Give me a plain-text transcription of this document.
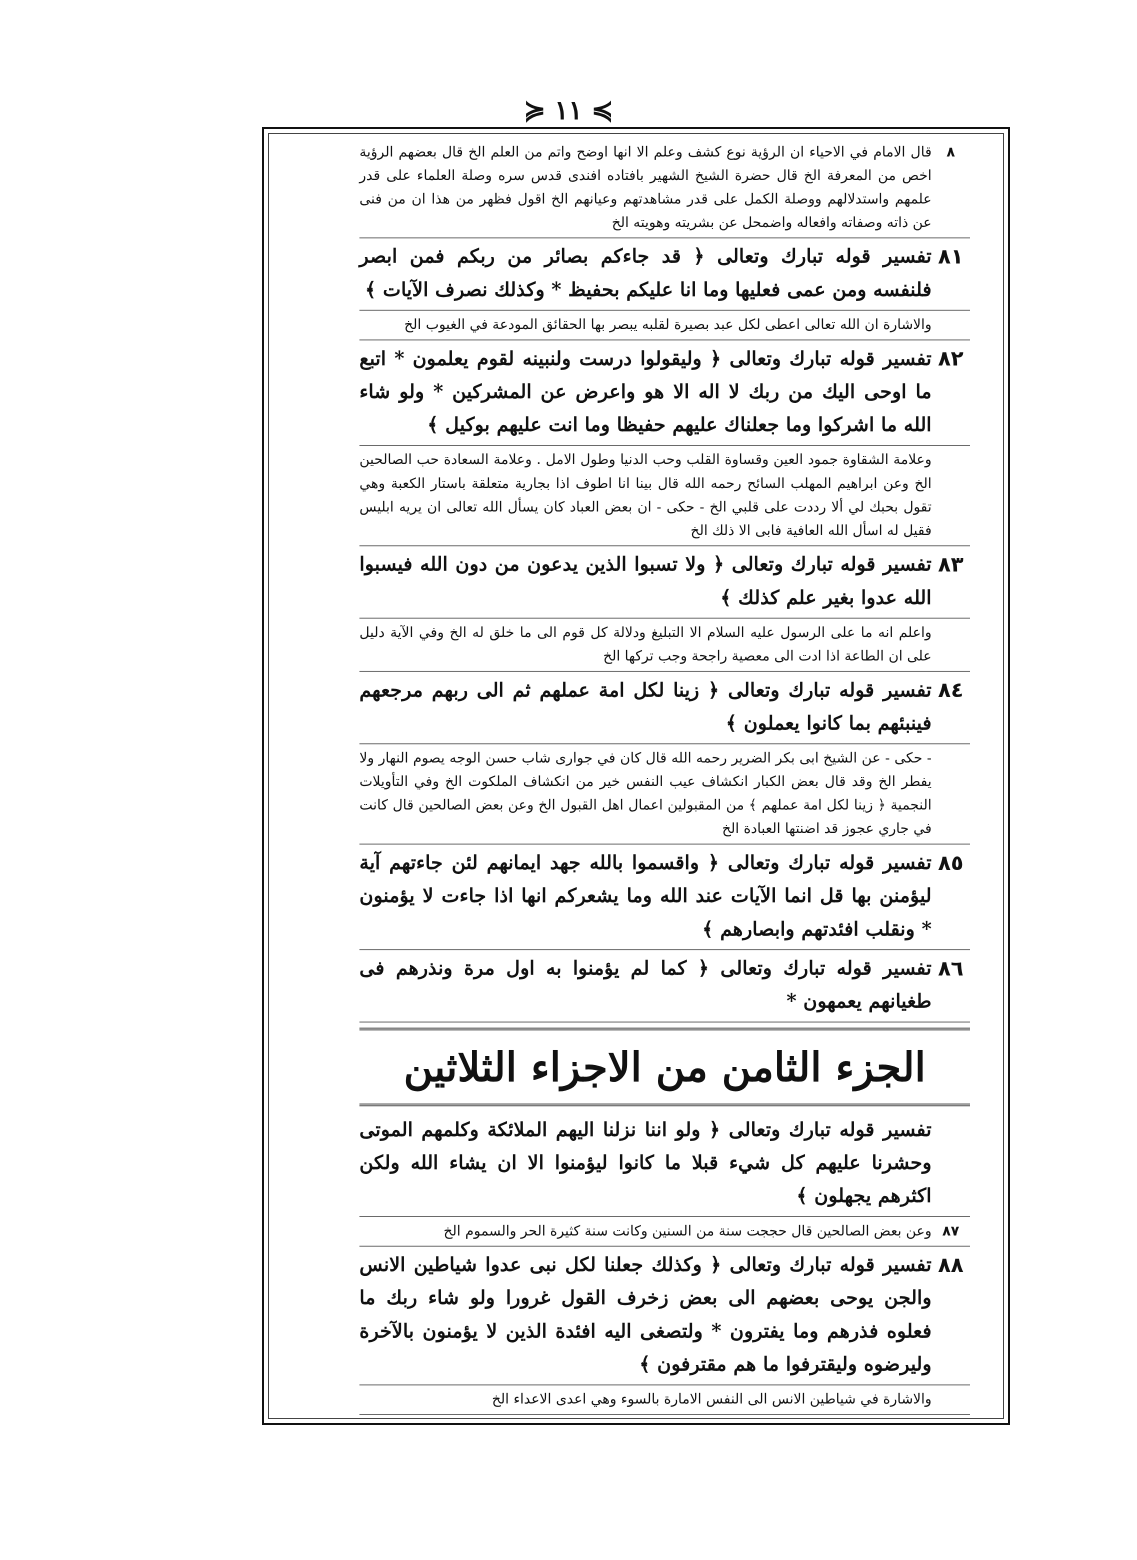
≽ ۱۱ ≼
۸
قال الامام في الاحياء ان الرؤية نوع كشف وعلم الا انها اوضح واتم من العلم الخ قال بعضهم الرؤية اخص من المعرفة الخ قال حضرة الشيخ الشهير بافتاده افندى قدس سره وصلة العلماء على قدر علمهم واستدلالهم ووصلة الكمل على قدر مشاهدتهم وعيانهم الخ اقول فظهر من هذا ان من فنى عن ذاته وصفاته وافعاله واضمحل عن بشريته وهويته الخ
۸۱
تفسير قوله تبارك وتعالى ﴿ قد جاءكم بصائر من ربكم فمن ابصر فلنفسه ومن عمى فعليها وما انا عليكم بحفيظ * وكذلك نصرف الآيات ﴾
والاشارة ان الله تعالى اعطى لكل عبد بصيرة لقلبه يبصر بها الحقائق المودعة في الغيوب الخ
۸۲
تفسير قوله تبارك وتعالى ﴿ وليقولوا درست ولنبينه لقوم يعلمون * اتبع ما اوحى اليك من ربك لا اله الا هو واعرض عن المشركين * ولو شاء الله ما اشركوا وما جعلناك عليهم حفيظا وما انت عليهم بوكيل ﴾
وعلامة الشقاوة جمود العين وقساوة القلب وحب الدنيا وطول الامل . وعلامة السعادة حب الصالحين الخ وعن ابراهيم المهلب السائح رحمه الله قال بينا انا اطوف اذا بجارية متعلقة باستار الكعبة وهي تقول بحبك لي ألا رددت على قلبي الخ - حكى - ان بعض العباد كان يسأل الله تعالى ان يريه ابليس فقيل له اسأل الله العافية فابى الا ذلك الخ
۸۳
تفسير قوله تبارك وتعالى ﴿ ولا تسبوا الذين يدعون من دون الله فيسبوا الله عدوا بغير علم كذلك ﴾
واعلم انه ما على الرسول عليه السلام الا التبليغ ودلالة كل قوم الى ما خلق له الخ وفي الآية دليل على ان الطاعة اذا ادت الى معصية راجحة وجب تركها الخ
۸٤
تفسير قوله تبارك وتعالى ﴿ زينا لكل امة عملهم ثم الى ربهم مرجعهم فينبئهم بما كانوا يعملون ﴾
- حكى - عن الشيخ ابى بكر الضرير رحمه الله قال كان في جوارى شاب حسن الوجه يصوم النهار ولا يفطر الخ وقد قال بعض الكبار انكشاف عيب النفس خير من انكشاف الملكوت الخ وفي التأويلات النجمية ﴿ زينا لكل امة عملهم ﴾ من المقبولين اعمال اهل القبول الخ وعن بعض الصالحين قال كانت في جاري عجوز قد اضنتها العبادة الخ
۸٥
تفسير قوله تبارك وتعالى ﴿ واقسموا بالله جهد ايمانهم لئن جاءتهم آية ليؤمنن بها قل انما الآيات عند الله وما يشعركم انها اذا جاءت لا يؤمنون * ونقلب افئدتهم وابصارهم ﴾
۸٦
تفسير قوله تبارك وتعالى ﴿ كما لم يؤمنوا به اول مرة ونذرهم فى طغيانهم يعمهون *
الجزء الثامن من الاجزاء الثلاثين
تفسير قوله تبارك وتعالى ﴿ ولو اننا نزلنا اليهم الملائكة وكلمهم الموتى وحشرنا عليهم كل شيء قبلا ما كانوا ليؤمنوا الا ان يشاء الله ولكن اكثرهم يجهلون ﴾
۸۷
وعن بعض الصالحين قال حججت سنة من السنين وكانت سنة كثيرة الحر والسموم الخ
۸۸
تفسير قوله تبارك وتعالى ﴿ وكذلك جعلنا لكل نبى عدوا شياطين الانس والجن يوحى بعضهم الى بعض زخرف القول غرورا ولو شاء ربك ما فعلوه فذرهم وما يفترون * ولتصغى اليه افئدة الذين لا يؤمنون بالآخرة وليرضوه وليقترفوا ما هم مقترفون ﴾
والاشارة في شياطين الانس الى النفس الامارة بالسوء وهي اعدى الاعداء الخ
